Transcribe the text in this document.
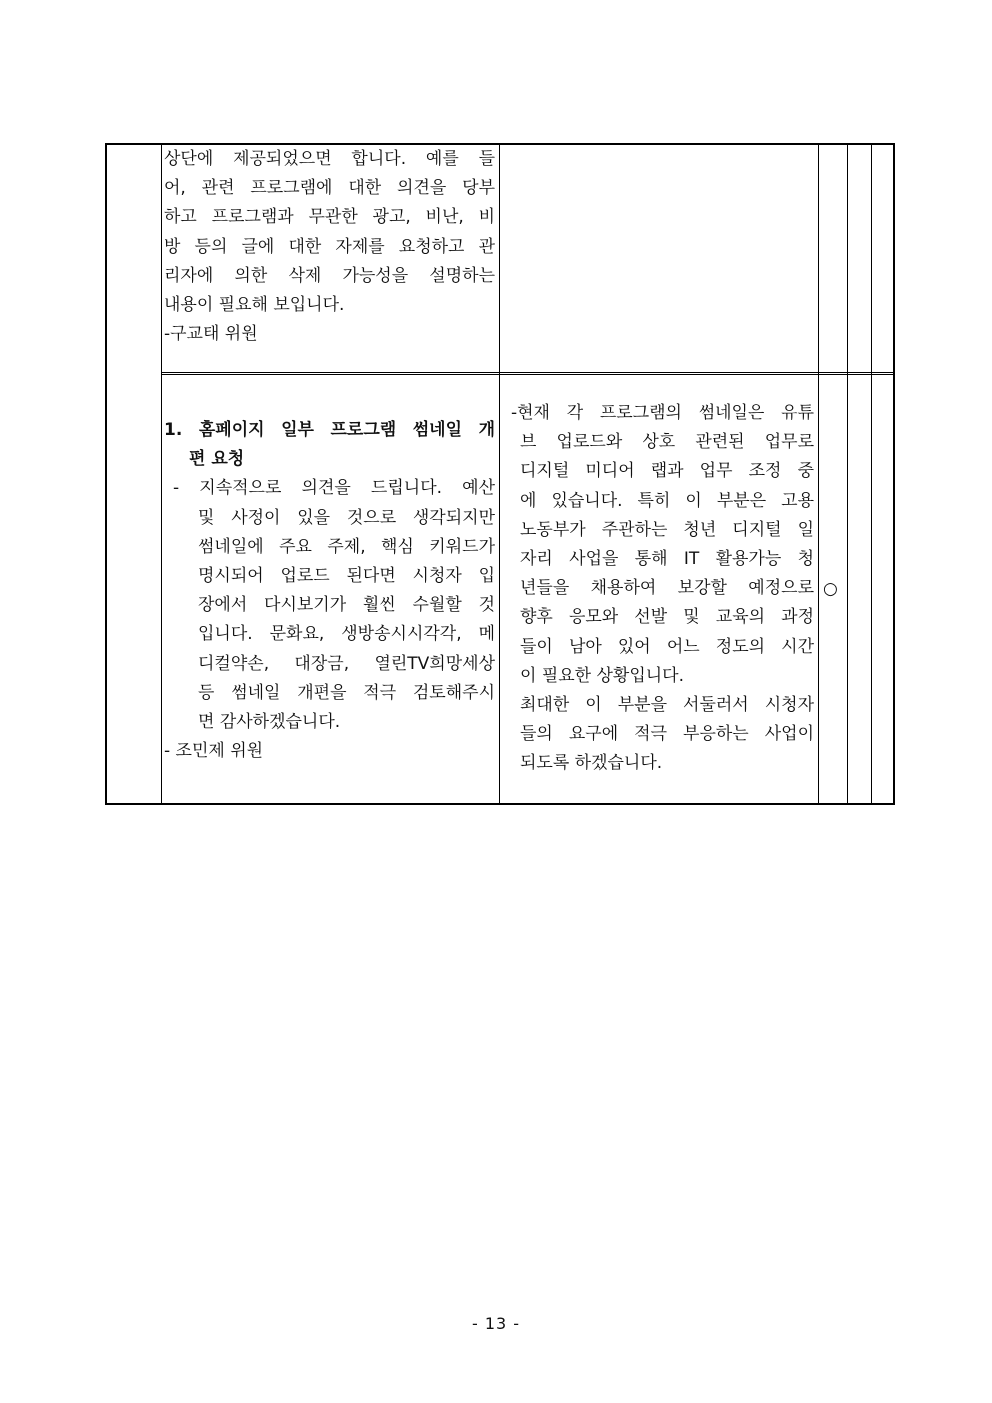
상단에 제공되었으면 합니다. 예를 들
어, 관련 프로그램에 대한 의견을 당부
하고 프로그램과 무관한 광고, 비난, 비
방 등의 글에 대한 자제를 요청하고 관
리자에 의한 삭제 가능성을 설명하는
내용이 필요해 보입니다.
-구교태 위원
1. 홈페이지 일부 프로그램 썸네일 개
편 요청
- 지속적으로 의견을 드립니다. 예산
및 사정이 있을 것으로 생각되지만
썸네일에 주요 주제, 핵심 키워드가
명시되어 업로드 된다면 시청자 입
장에서 다시보기가 훨씬 수월할 것
입니다. 문화요, 생방송시시각각, 메
디컬약손, 대장금, 열린TV희망세상
등 썸네일 개편을 적극 검토해주시
면 감사하겠습니다.
- 조민제 위원
-현재 각 프로그램의 썸네일은 유튜
브 업로드와 상호 관련된 업무로
디지털 미디어 랩과 업무 조정 중
에 있습니다. 특히 이 부분은 고용
노동부가 주관하는 청년 디지털 일
자리 사업을 통해 IT 활용가능 청
년들을 채용하여 보강할 예정으로
향후 응모와 선발 및 교육의 과정
들이 남아 있어 어느 정도의 시간
이 필요한 상황입니다.
최대한 이 부분을 서둘러서 시청자
들의 요구에 적극 부응하는 사업이
되도록 하겠습니다.
○
- 13 -
